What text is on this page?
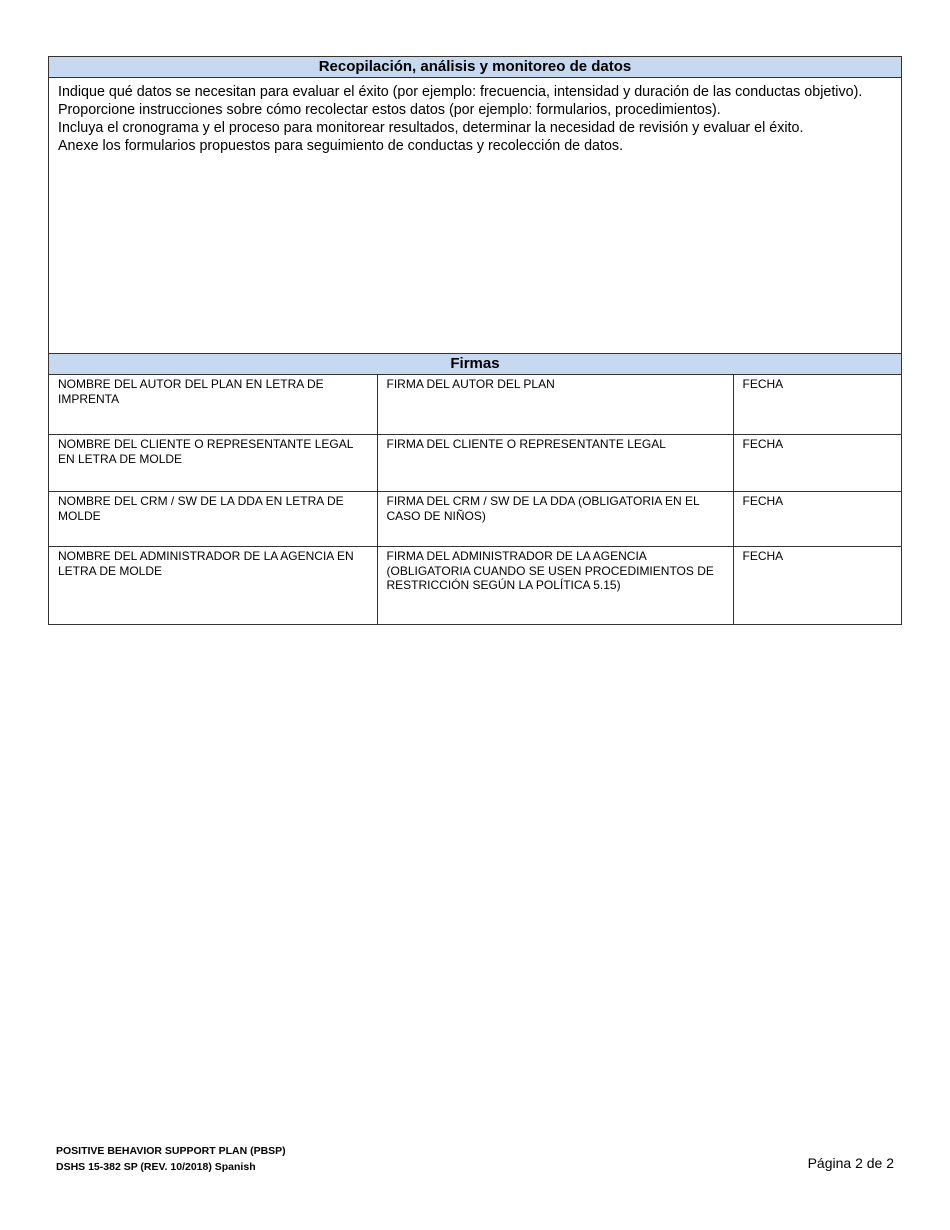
Recopilación, análisis y monitoreo de datos
Indique qué datos se necesitan para evaluar el éxito (por ejemplo: frecuencia, intensidad y duración de las conductas objetivo). Proporcione instrucciones sobre cómo recolectar estos datos (por ejemplo: formularios, procedimientos).
Incluya el cronograma y el proceso para monitorear resultados, determinar la necesidad de revisión y evaluar el éxito.
Anexe los formularios propuestos para seguimiento de conductas y recolección de datos.
Firmas
NOMBRE DEL AUTOR DEL PLAN EN LETRA DE IMPRENTA	FIRMA DEL AUTOR DEL PLAN	FECHA
NOMBRE DEL CLIENTE O REPRESENTANTE LEGAL EN LETRA DE MOLDE	FIRMA DEL CLIENTE O REPRESENTANTE LEGAL	FECHA
NOMBRE DEL CRM / SW DE LA DDA EN LETRA DE MOLDE	FIRMA DEL CRM / SW DE LA DDA (OBLIGATORIA EN EL CASO DE NIÑOS)	FECHA
NOMBRE DEL ADMINISTRADOR DE LA AGENCIA EN LETRA DE MOLDE	FIRMA DEL ADMINISTRADOR DE LA AGENCIA (OBLIGATORIA CUANDO SE USEN PROCEDIMIENTOS DE RESTRICCIÓN SEGÚN LA POLÍTICA 5.15)	FECHA
POSITIVE BEHAVIOR SUPPORT PLAN (PBSP)
DSHS 15-382 SP (REV. 10/2018) Spanish	Página 2 de 2
